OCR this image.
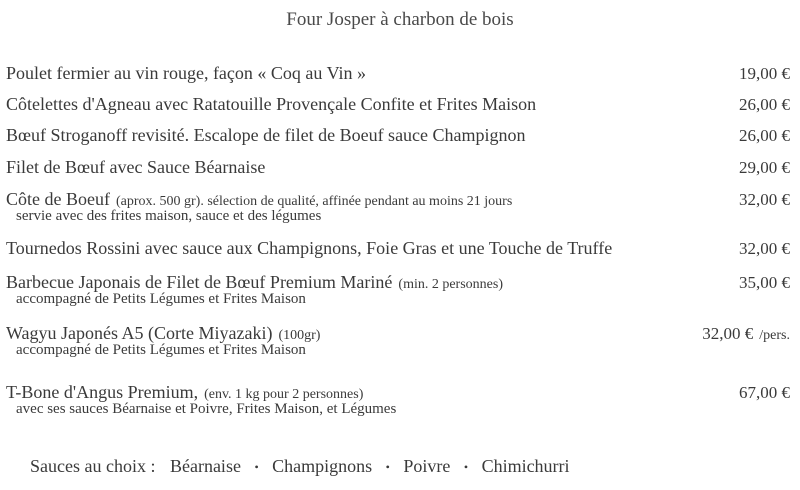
Four Josper à charbon de bois
Poulet fermier au vin rouge, façon « Coq au Vin »	19,00 €
Côtelettes d'Agneau avec Ratatouille Provençale Confite et Frites Maison	26,00 €
Bœuf Stroganoff revisité. Escalope de filet de Boeuf sauce Champignon	26,00 €
Filet de Bœuf avec Sauce Béarnaise	29,00 €
Côte de Boeuf (aprox. 500 gr). sélection de qualité, affinée pendant au moins 21 jours	32,00 €
servie avec des frites maison, sauce et des légumes
Tournedos Rossini avec sauce aux Champignons, Foie Gras et une Touche de Truffe	32,00 €
Barbecue Japonais de Filet de Bœuf Premium Mariné (min. 2 personnes)	35,00 €
accompagné de Petits Légumes et Frites Maison
Wagyu Japonés A5 (Corte Miyazaki) (100gr)	32,00 € /pers.
accompagné de Petits Légumes et Frites Maison
T-Bone d'Angus Premium, (env. 1 kg pour 2 personnes)	67,00 €
avec ses sauces Béarnaise et Poivre, Frites Maison, et Légumes
Sauces au choix : Béarnaise • Champignons • Poivre • Chimichurri
